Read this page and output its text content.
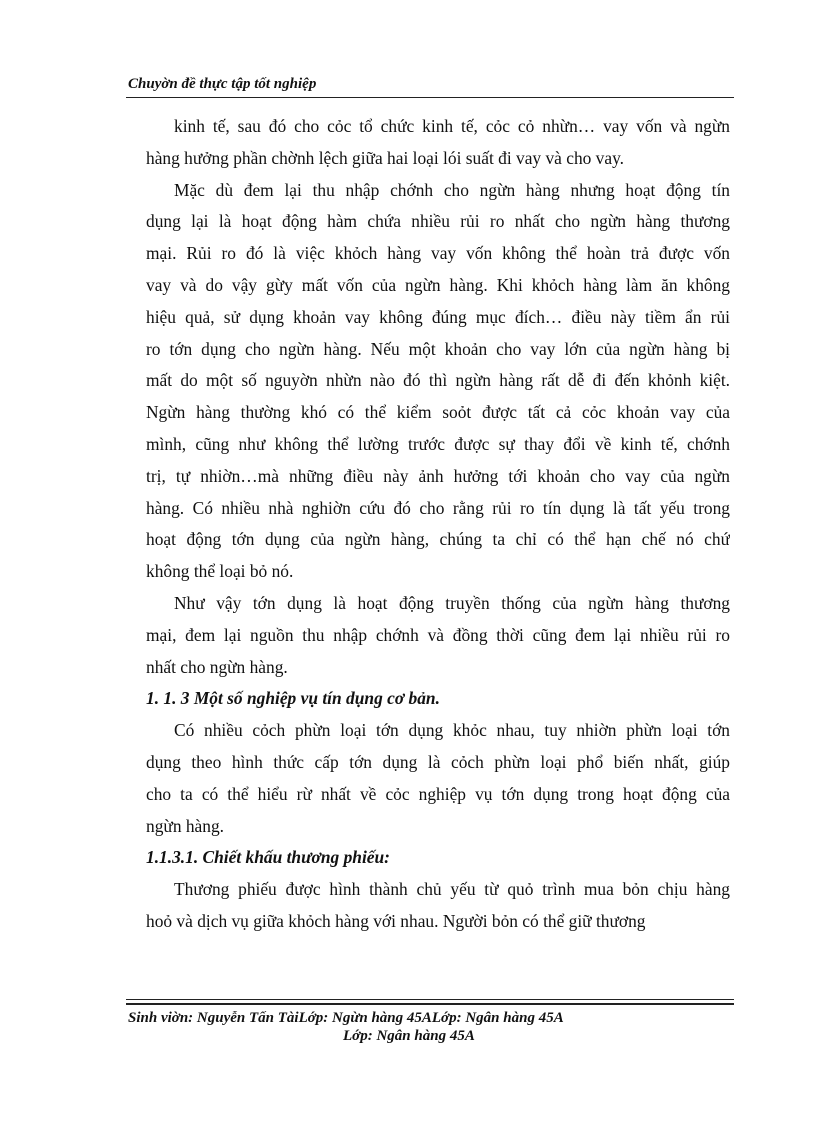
Chuyờn đề thực tập tốt nghiệp
kinh tế, sau đó cho cỏc tổ chức kinh tế, cỏc cỏ nhừn… vay vốn và ngừn
hàng hưởng phần chờnh lệch giữa hai loại lói suất đi vay và cho vay.
Mặc dù đem lại thu nhập chớnh cho ngừn hàng nhưng hoạt động tín
dụng lại là hoạt động hàm chứa nhiều rủi ro nhất cho ngừn hàng thương
mại. Rủi ro đó là việc khỏch hàng vay vốn không thể hoàn trả được vốn
vay và do vậy gừy mất vốn của ngừn hàng. Khi khỏch hàng làm ăn không
hiệu quả, sử dụng khoản vay không đúng mục đích… điều này tiềm ẩn rủi
ro tớn dụng cho ngừn hàng. Nếu một khoản cho vay lớn của ngừn hàng bị
mất do một số nguyờn nhừn nào đó thì ngừn hàng rất dễ đi đến khỏnh kiệt.
Ngừn hàng thường khó có thể kiểm soỏt được tất cả cỏc khoản vay của
mình, cũng như không thể lường trước được sự thay đổi về kinh tế, chớnh
trị, tự nhiờn…mà những điều này ảnh hưởng tới khoản cho vay của ngừn
hàng. Có nhiều nhà nghiờn cứu đó cho rằng rủi ro tín dụng là tất yếu trong
hoạt động tớn dụng của ngừn hàng, chúng ta chỉ có thể hạn chế nó chứ
không thể loại bỏ nó.
Như vậy tớn dụng là hoạt động truyền thống của ngừn hàng thương
mại, đem lại nguồn thu nhập chớnh và đồng thời cũng đem lại nhiều rủi ro
nhất cho ngừn hàng.
1. 1. 3 Một số nghiệp vụ tín dụng cơ bản.
Có nhiều cỏch phừn loại tớn dụng khỏc nhau, tuy nhiờn phừn loại tớn
dụng theo hình thức cấp tớn dụng là cỏch phừn loại phổ biến nhất, giúp
cho ta có thể hiểu rừ nhất về cỏc nghiệp vụ tớn dụng trong hoạt động của
ngừn hàng.
1.1.3.1. Chiết khấu thương phiếu:
Thương phiếu được hình thành chủ yếu từ quỏ trình mua bỏn chịu hàng
hoỏ và dịch vụ giữa khỏch hàng với nhau. Người bỏn có thể giữ thương
Sinh viờn: Nguyễn Tấn TàiLớp: Ngừn hàng 45ALớp: Ngân hàng 45A
Lớp: Ngân hàng 45A
